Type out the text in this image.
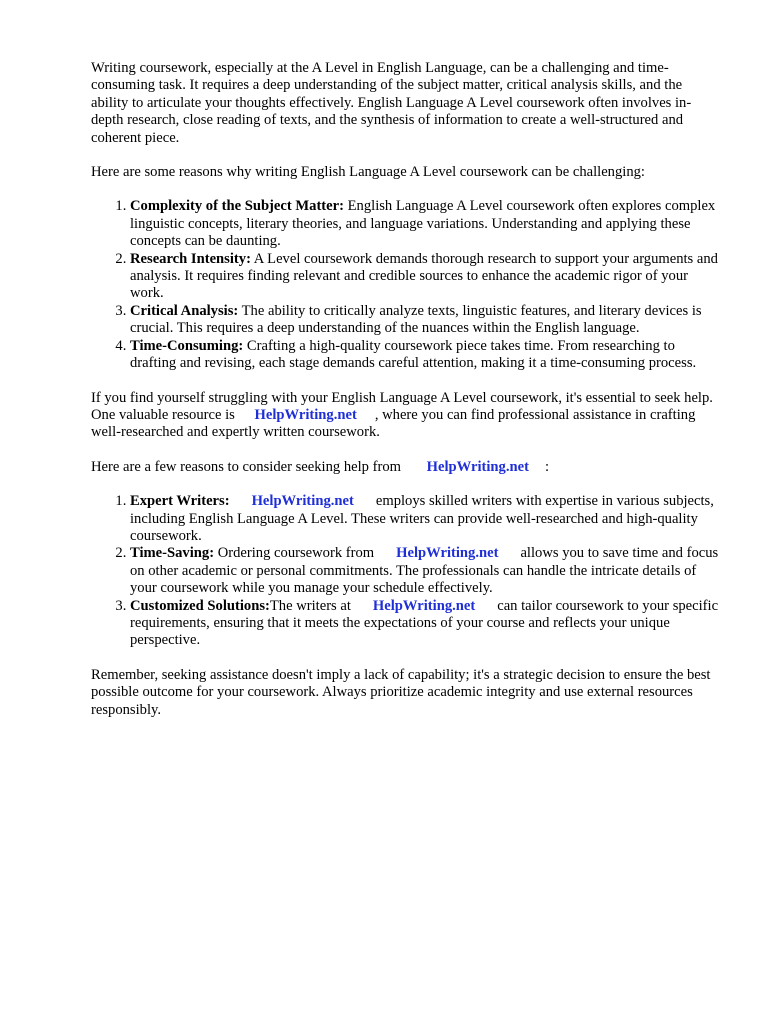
Writing coursework, especially at the A Level in English Language, can be a challenging and time-consuming task. It requires a deep understanding of the subject matter, critical analysis skills, and the ability to articulate your thoughts effectively. English Language A Level coursework often involves in-depth research, close reading of texts, and the synthesis of information to create a well-structured and coherent piece.

Here are some reasons why writing English Language A Level coursework can be challenging:

1. Complexity of the Subject Matter: English Language A Level coursework often explores complex linguistic concepts, literary theories, and language variations. Understanding and applying these concepts can be daunting.
2. Research Intensity: A Level coursework demands thorough research to support your arguments and analysis. It requires finding relevant and credible sources to enhance the academic rigor of your work.
3. Critical Analysis: The ability to critically analyze texts, linguistic features, and literary devices is crucial. This requires a deep understanding of the nuances within the English language.
4. Time-Consuming: Crafting a high-quality coursework piece takes time. From researching to drafting and revising, each stage demands careful attention, making it a time-consuming process.

If you find yourself struggling with your English Language A Level coursework, it's essential to seek help. One valuable resource is HelpWriting.net , where you can find professional assistance in crafting well-researched and expertly written coursework.

Here are a few reasons to consider seeking help from HelpWriting.net :

1. Expert Writers: HelpWriting.net employs skilled writers with expertise in various subjects, including English Language A Level. These writers can provide well-researched and high-quality coursework.
2. Time-Saving: Ordering coursework from HelpWriting.net allows you to save time and focus on other academic or personal commitments. The professionals can handle the intricate details of your coursework while you manage your schedule effectively.
3. Customized Solutions:The writers at HelpWriting.net can tailor coursework to your specific requirements, ensuring that it meets the expectations of your course and reflects your unique perspective.

Remember, seeking assistance doesn't imply a lack of capability; it's a strategic decision to ensure the best possible outcome for your coursework. Always prioritize academic integrity and use external resources responsibly.
